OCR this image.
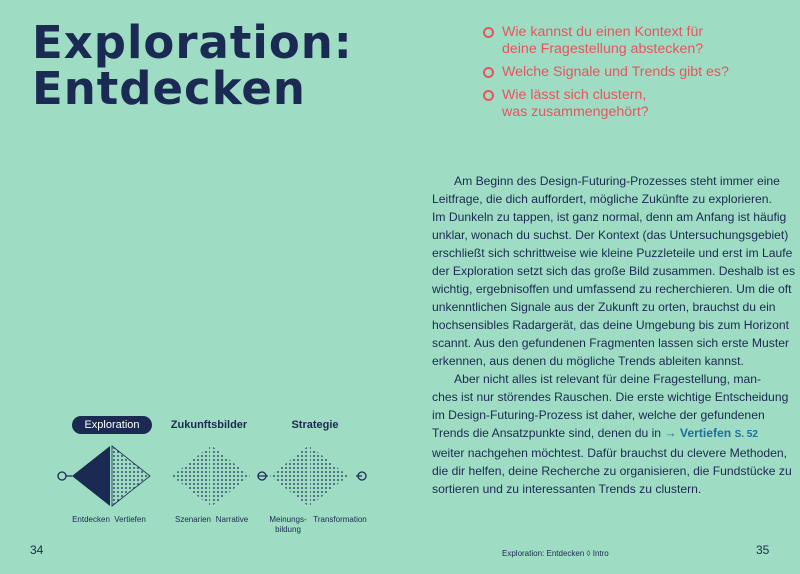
Exploration:
Entdecken
Wie kannst du einen Kontext für
deine Fragestellung abstecken?
Welche Signale und Trends gibt es?
Wie lässt sich clustern,
was zusammengehört?
Am Beginn des Design-Futuring-Prozesses steht immer eine
Leitfrage, die dich auffordert, mögliche Zukünfte zu explorieren.
Im Dunkeln zu tappen, ist ganz normal, denn am Anfang ist häufig
unklar, wonach du suchst. Der Kontext (das Untersuchungsgebiet)
erschließt sich schrittweise wie kleine Puzzleteile und erst im Laufe
der Exploration setzt sich das große Bild zusammen. Deshalb ist es
wichtig, ergebnisoffen und umfassend zu recherchieren. Um die oft
unkenntlichen Signale aus der Zukunft zu orten, brauchst du ein
hochsensibles Radargerät, das deine Umgebung bis zum Horizont
scannt. Aus den gefundenen Fragmenten lassen sich erste Muster
erkennen, aus denen du mögliche Trends ableiten kannst.
Aber nicht alles ist relevant für deine Fragestellung, man-
ches ist nur störendes Rauschen. Die erste wichtige Entscheidung
im Design-Futuring-Prozess ist daher, welche der gefundenen
Trends die Ansatzpunkte sind, denen du in → Vertiefen S. 52
weiter nachgehen möchtest. Dafür brauchst du clevere Methoden,
die dir helfen, deine Recherche zu organisieren, die Fundstücke zu
sortieren und zu interessanten Trends zu clustern.
Exploration	Zukunftsbilder	Strategie
Entdecken Vertiefen	Szenarien Narrative	Meinungs-
bildung
Transformation
34	35
Exploration: Entdecken ◊ Intro
